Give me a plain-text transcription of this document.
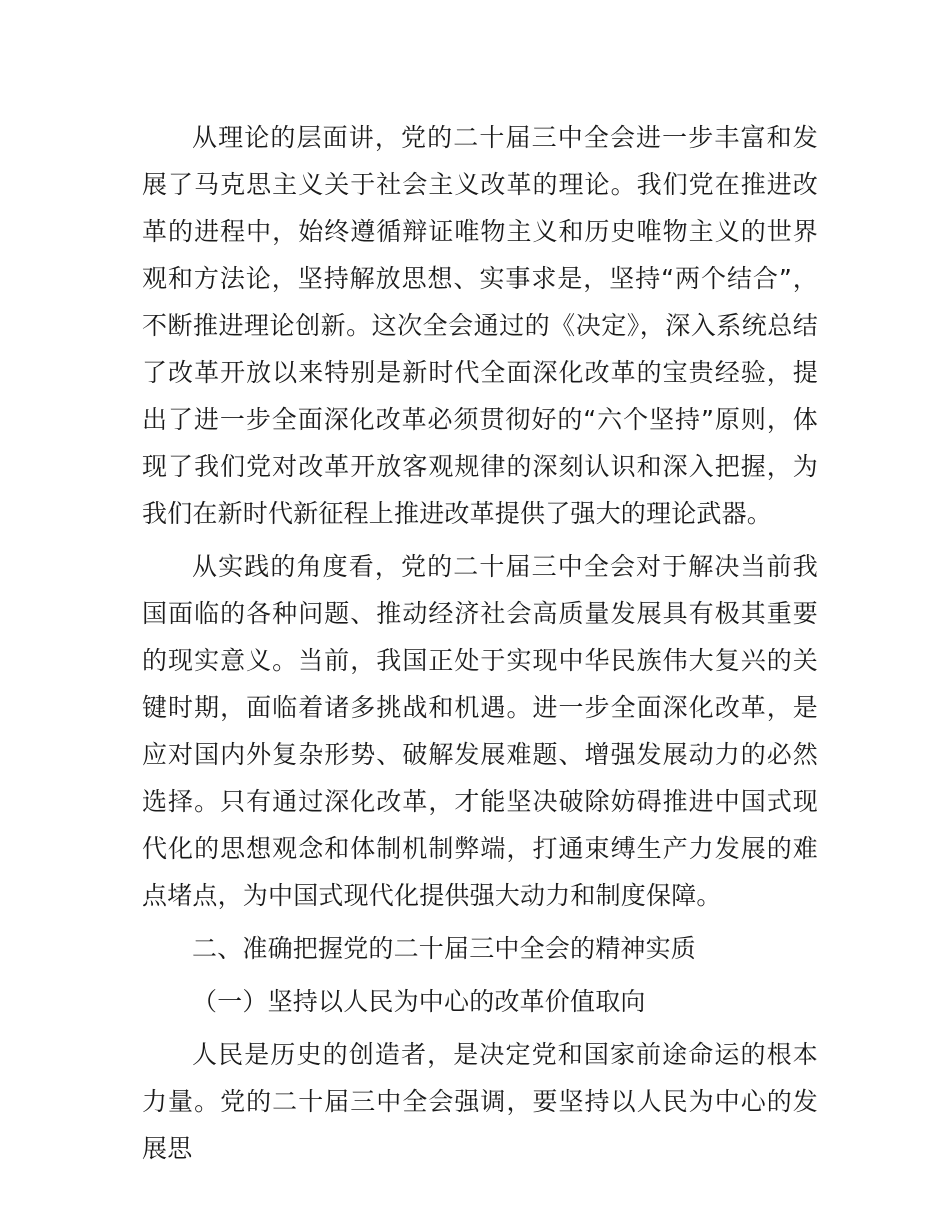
从理论的层面讲，党的二十届三中全会进一步丰富和发展了马克思主义关于社会主义改革的理论。我们党在推进改革的进程中，始终遵循辩证唯物主义和历史唯物主义的世界观和方法论，坚持解放思想、实事求是，坚持“两个结合”，不断推进理论创新。这次全会通过的《决定》，深入系统总结了改革开放以来特别是新时代全面深化改革的宝贵经验，提出了进一步全面深化改革必须贯彻好的“六个坚持”原则，体现了我们党对改革开放客观规律的深刻认识和深入把握，为我们在新时代新征程上推进改革提供了强大的理论武器。

从实践的角度看，党的二十届三中全会对于解决当前我国面临的各种问题、推动经济社会高质量发展具有极其重要的现实意义。当前，我国正处于实现中华民族伟大复兴的关键时期，面临着诸多挑战和机遇。进一步全面深化改革，是应对国内外复杂形势、破解发展难题、增强发展动力的必然选择。只有通过深化改革，才能坚决破除妨碍推进中国式现代化的思想观念和体制机制弊端，打通束缚生产力发展的难点堵点，为中国式现代化提供强大动力和制度保障。

二、准确把握党的二十届三中全会的精神实质

（一）坚持以人民为中心的改革价值取向

人民是历史的创造者，是决定党和国家前途命运的根本力量。党的二十届三中全会强调，要坚持以人民为中心的发展思
